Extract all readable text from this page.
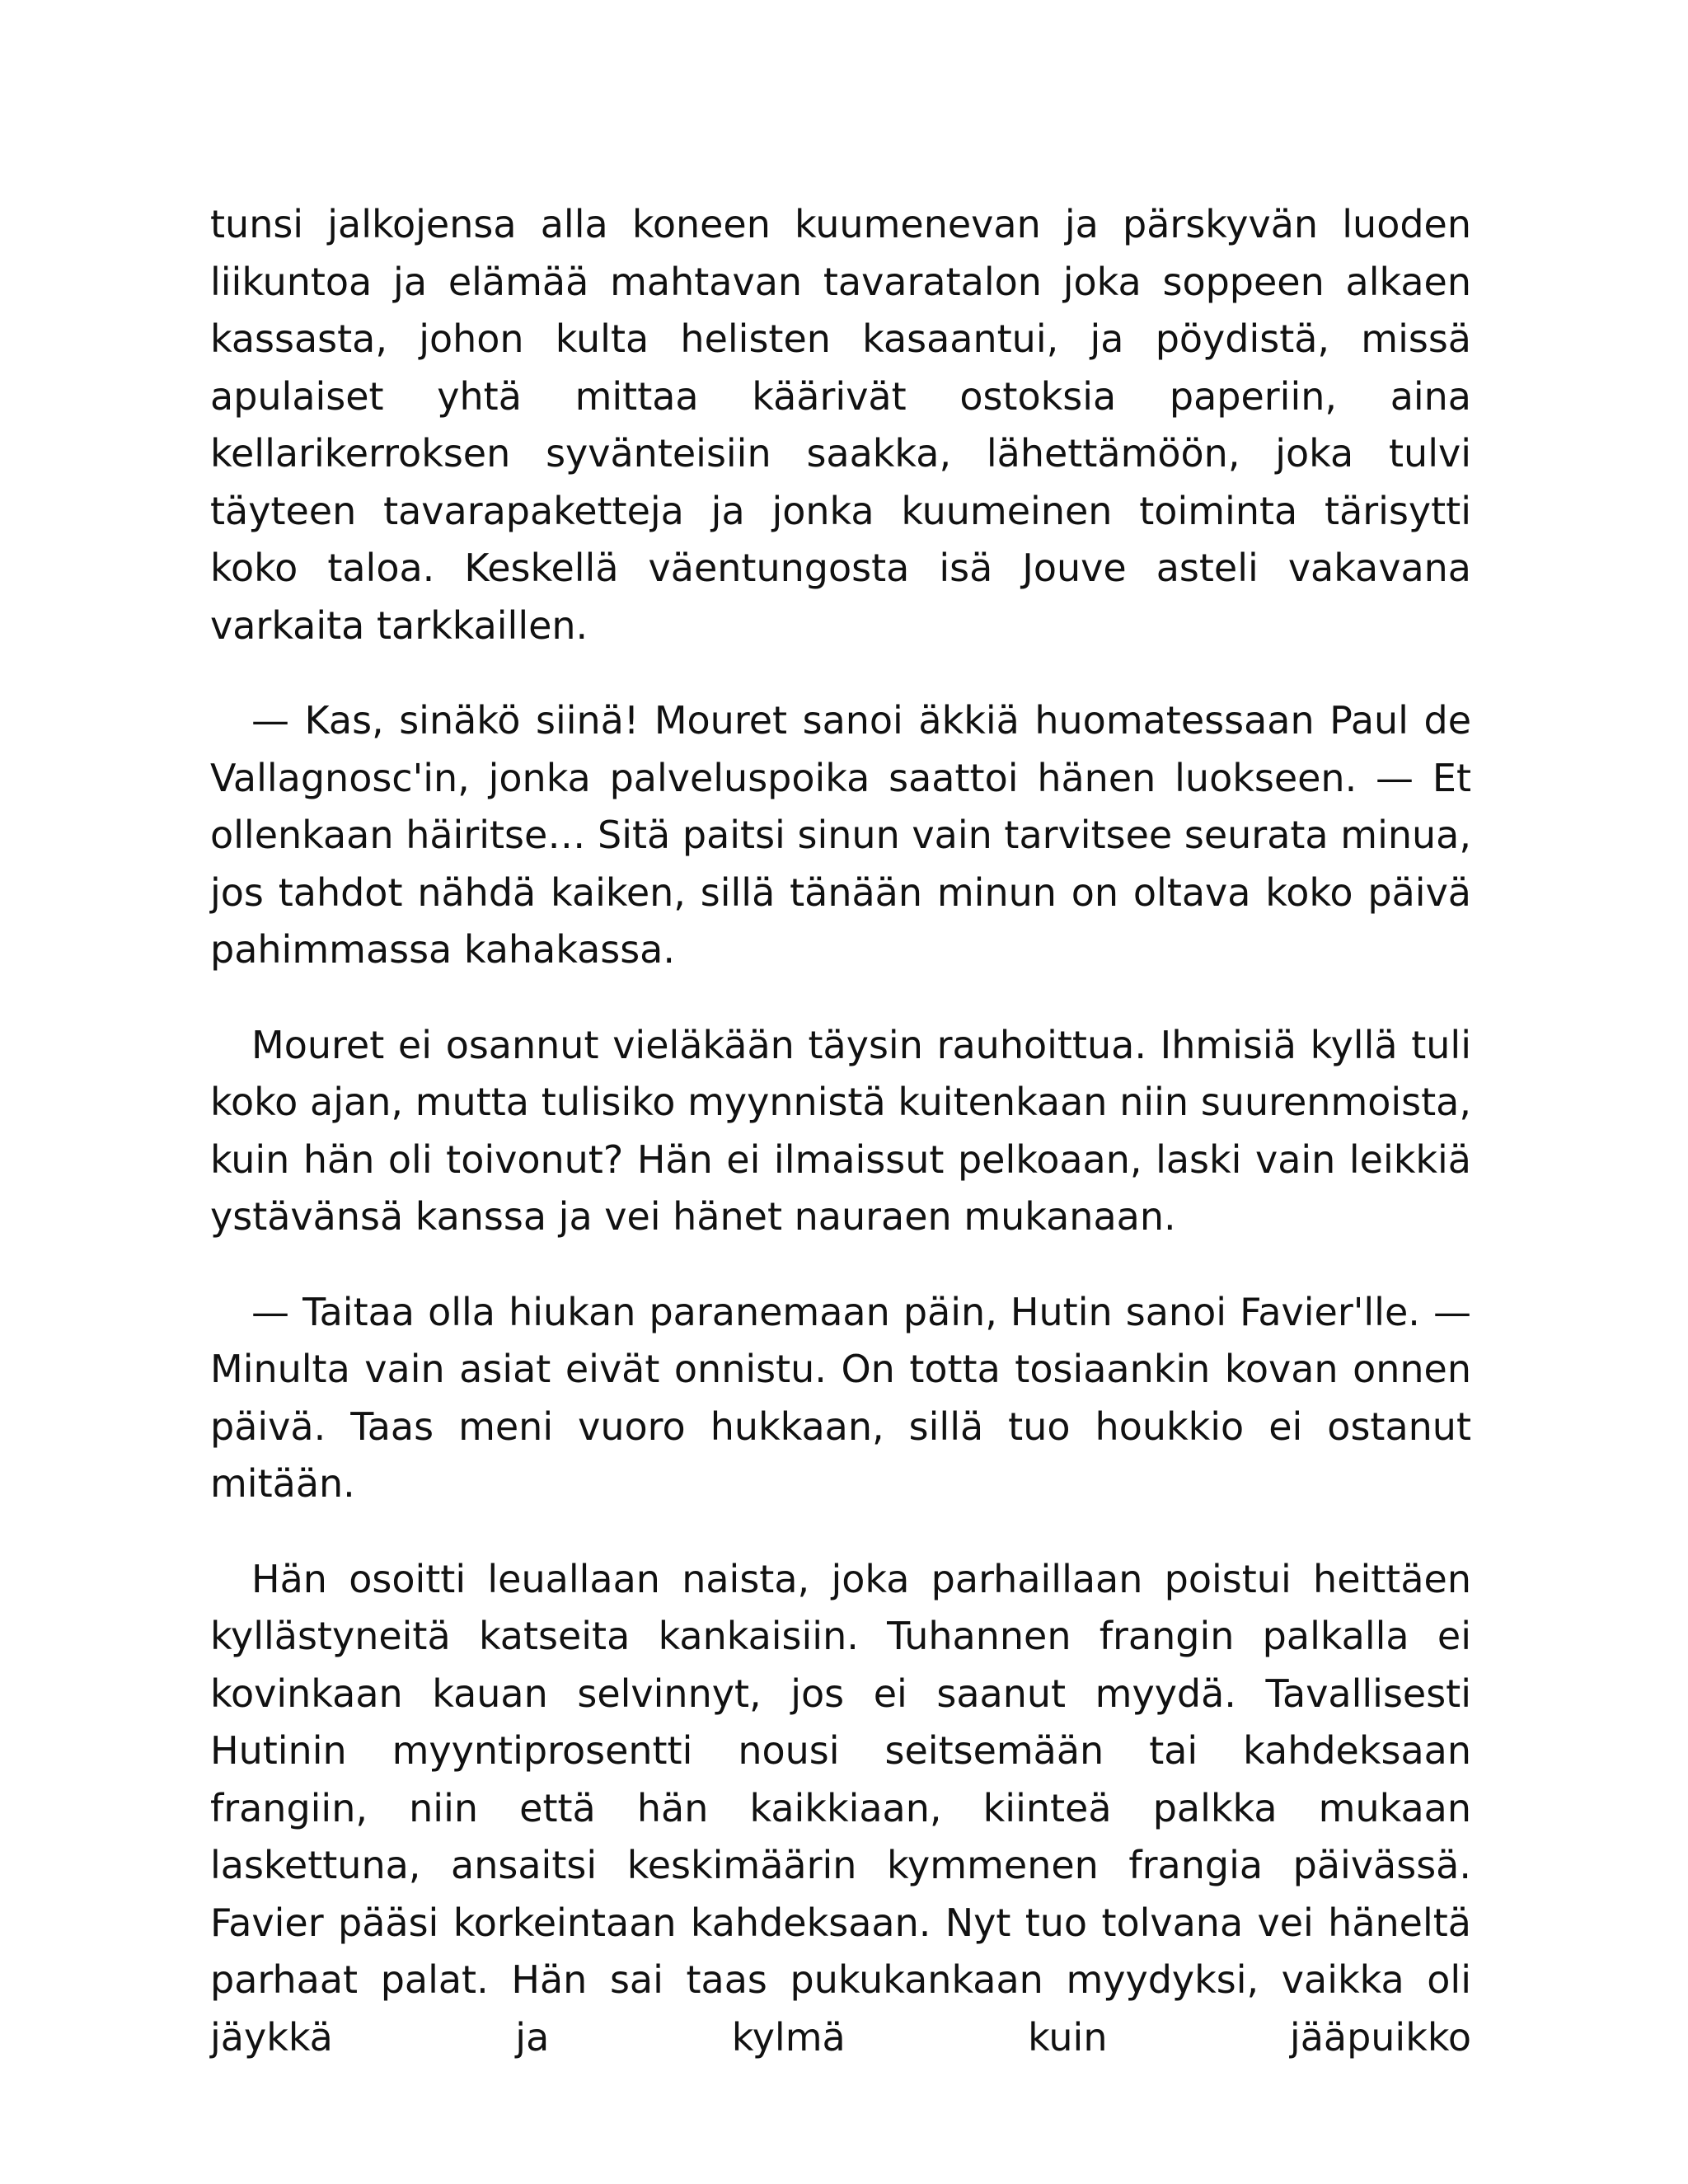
tunsi jalkojensa alla koneen kuumenevan ja pärskyvän luoden liikuntoa ja elämää mahtavan tavaratalon joka soppeen alkaen kassasta, johon kulta helisten kasaantui, ja pöydistä, missä apulaiset yhtä mittaa käärivät ostoksia paperiin, aina kellarikerroksen syvänteisiin saakka, lähettämöön, joka tulvi täyteen tavarapaketteja ja jonka kuumeinen toiminta tärisytti koko taloa. Keskellä väentungosta isä Jouve asteli vakavana varkaita tarkkaillen.

— Kas, sinäkö siinä! Mouret sanoi äkkiä huomatessaan Paul de Vallagnosc'in, jonka palveluspoika saattoi hänen luokseen. — Et ollenkaan häiritse… Sitä paitsi sinun vain tarvitsee seurata minua, jos tahdot nähdä kaiken, sillä tänään minun on oltava koko päivä pahimmassa kahakassa.

Mouret ei osannut vieläkään täysin rauhoittua. Ihmisiä kyllä tuli koko ajan, mutta tulisiko myynnistä kuitenkaan niin suurenmoista, kuin hän oli toivonut? Hän ei ilmaissut pelkoaan, laski vain leikkiä ystävänsä kanssa ja vei hänet nauraen mukanaan.

— Taitaa olla hiukan paranemaan päin, Hutin sanoi Favier'lle. — Minulta vain asiat eivät onnistu. On totta tosiaankin kovan onnen päivä. Taas meni vuoro hukkaan, sillä tuo houkkio ei ostanut mitään.

Hän osoitti leuallaan naista, joka parhaillaan poistui heittäen kyllästyneitä katseita kankaisiin. Tuhannen frangin palkalla ei kovinkaan kauan selvinnyt, jos ei saanut myydä. Tavallisesti Hutinin myyntiprosentti nousi seitsemään tai kahdeksaan frangiin, niin että hän kaikkiaan, kiinteä palkka mukaan laskettuna, ansaitsi keskimäärin kymmenen frangia päivässä. Favier pääsi korkeintaan kahdeksaan. Nyt tuo tolvana vei häneltä parhaat palat. Hän sai taas pukukankaan myydyksi, vaikka oli jäykkä ja kylmä kuin jääpuikko
